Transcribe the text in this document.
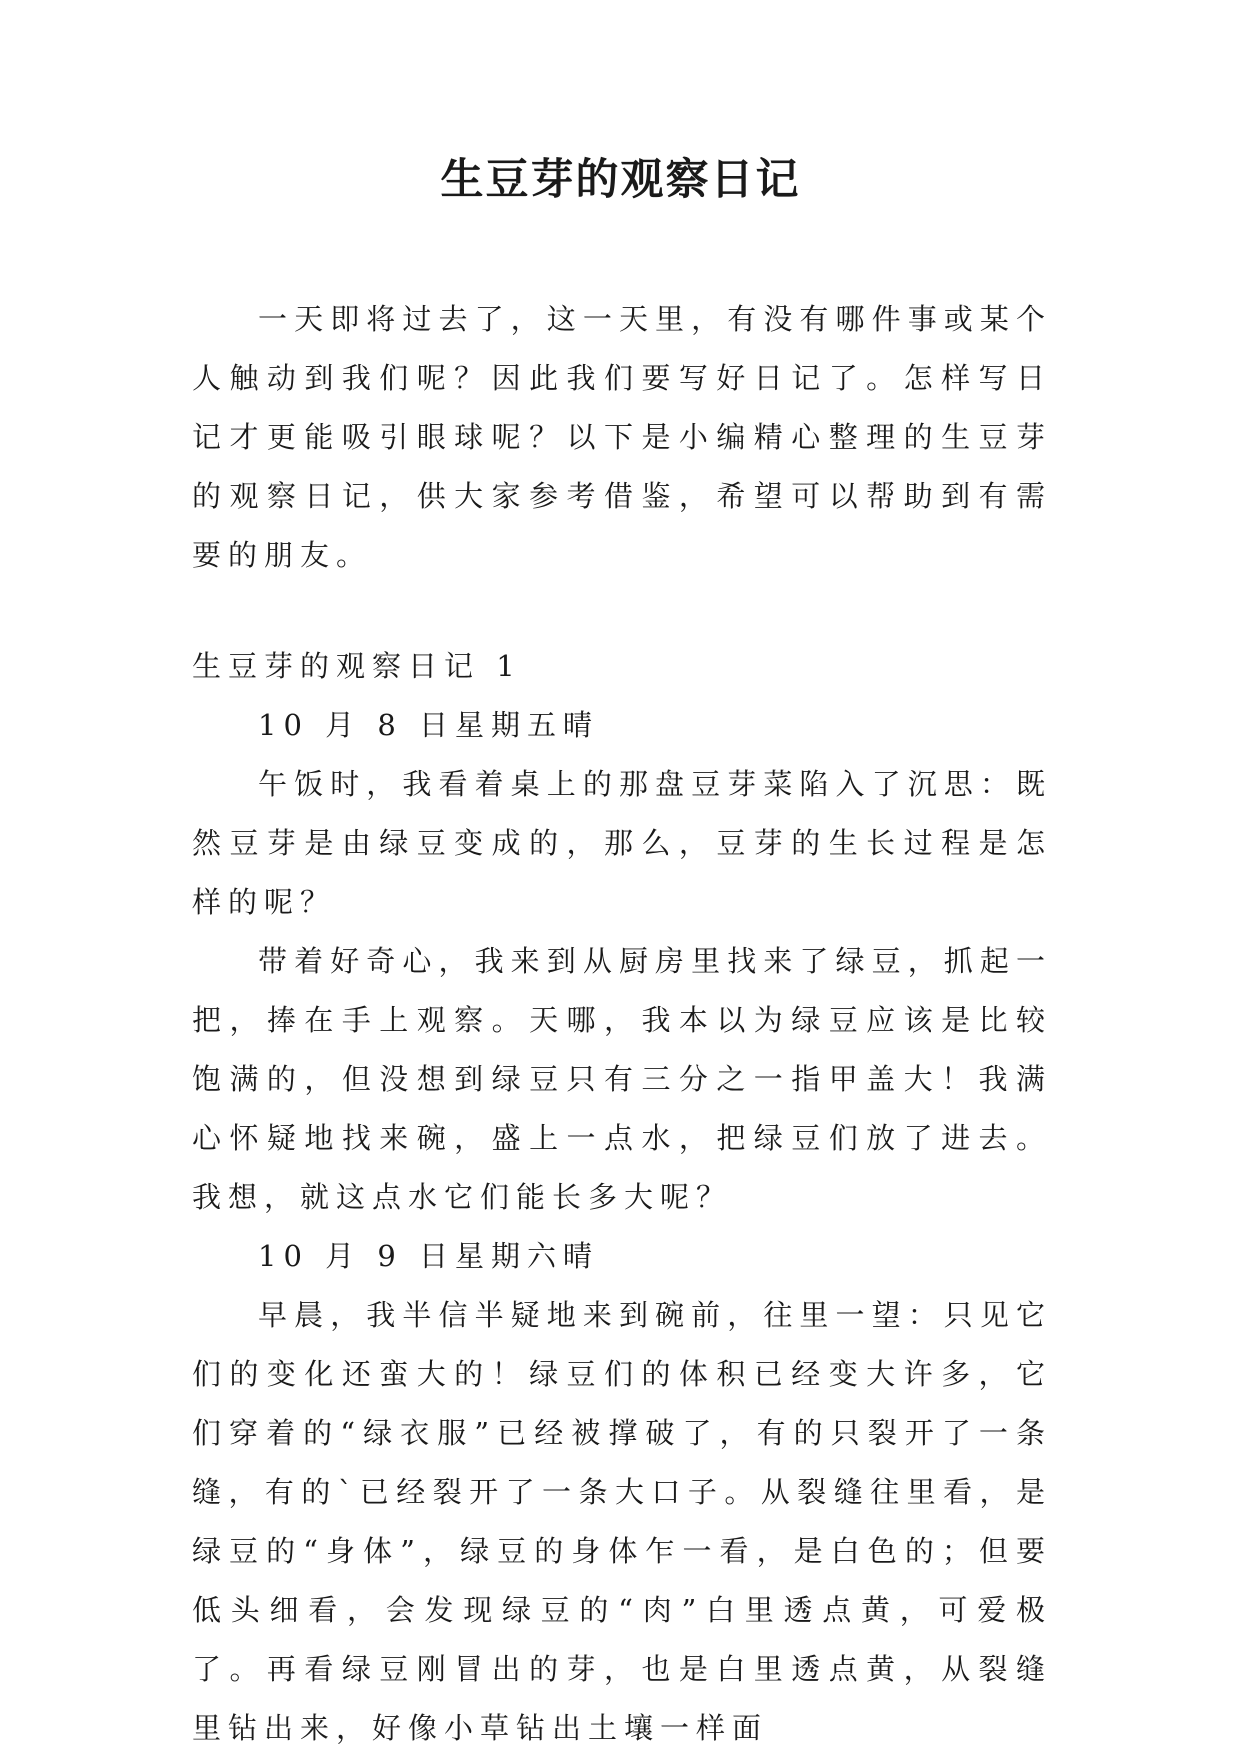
生豆芽的观察日记

一天即将过去了，这一天里，有没有哪件事或某个人触动到我们呢？因此我们要写好日记了。怎样写日记才更能吸引眼球呢？以下是小编精心整理的生豆芽的观察日记，供大家参考借鉴，希望可以帮助到有需要的朋友。

生豆芽的观察日记 1

10 月 8 日星期五晴

午饭时，我看着桌上的那盘豆芽菜陷入了沉思：既然豆芽是由绿豆变成的，那么，豆芽的生长过程是怎样的呢？

带着好奇心，我来到从厨房里找来了绿豆，抓起一把，捧在手上观察。天哪，我本以为绿豆应该是比较饱满的，但没想到绿豆只有三分之一指甲盖大！我满心怀疑地找来碗，盛上一点水，把绿豆们放了进去。我想，就这点水它们能长多大呢？

10 月 9 日星期六晴

早晨，我半信半疑地来到碗前，往里一望：只见它们的变化还蛮大的！绿豆们的体积已经变大许多，它们穿着的“绿衣服”已经被撑破了，有的只裂开了一条缝，有的`已经裂开了一条大口子。从裂缝往里看，是绿豆的“身体”，绿豆的身体乍一看，是白色的；但要低头细看，会发现绿豆的“肉”白里透点黄，可爱极了。再看绿豆刚冒出的芽，也是白里透点黄，从裂缝里钻出来，好像小草钻出土壤一样面
